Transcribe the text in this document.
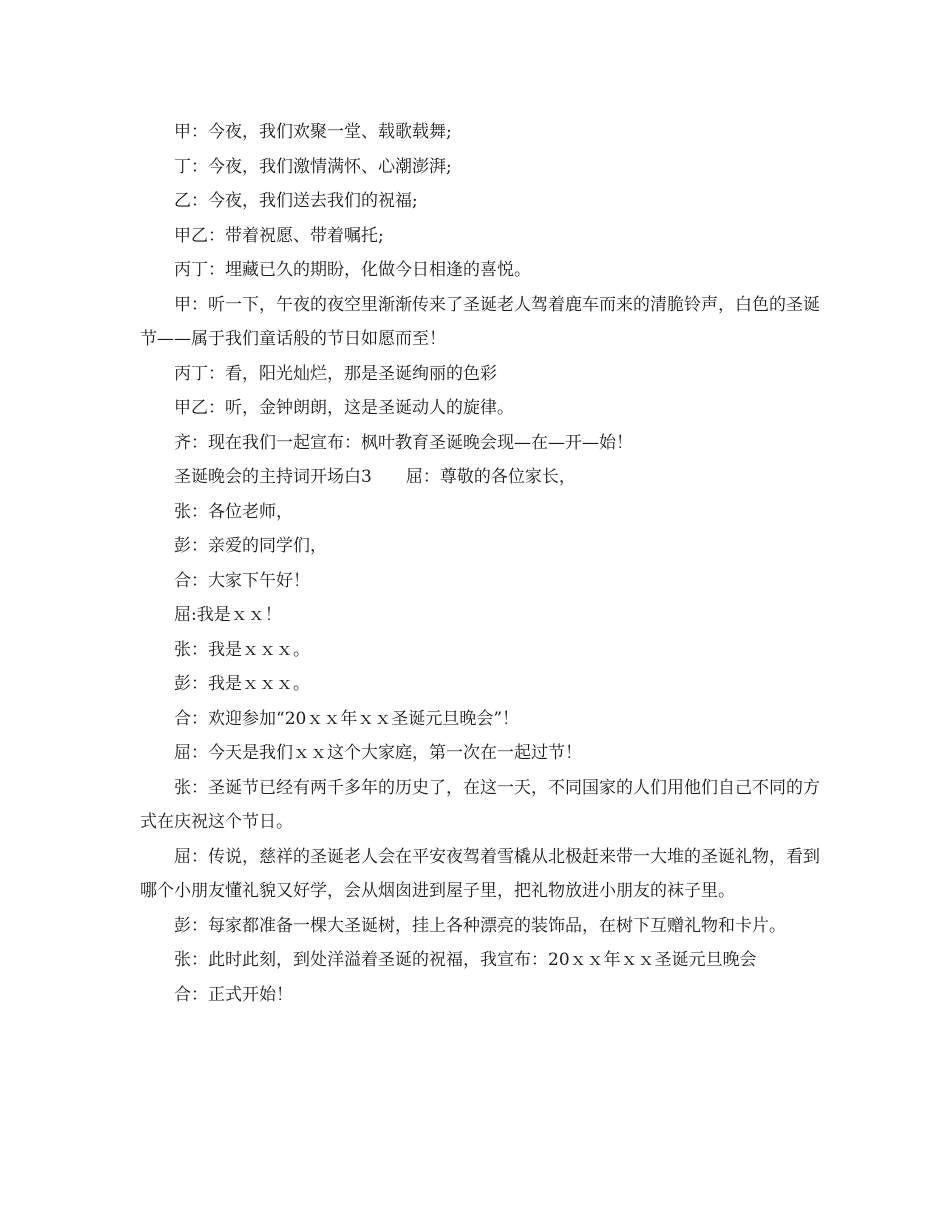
甲：今夜，我们欢聚一堂、载歌载舞;

丁：今夜，我们激情满怀、心潮澎湃;

乙：今夜，我们送去我们的祝福;

甲乙：带着祝愿、带着嘱托;

丙丁：埋藏已久的期盼，化做今日相逢的喜悦。

甲：听一下，午夜的夜空里渐渐传来了圣诞老人驾着鹿车而来的清脆铃声，白色的圣诞节——属于我们童话般的节日如愿而至！

丙丁：看，阳光灿烂，那是圣诞绚丽的色彩

甲乙：听，金钟朗朗，这是圣诞动人的旋律。

齐：现在我们一起宣布：枫叶教育圣诞晚会现—在—开—始！

圣诞晚会的主持词开场白3　　屈：尊敬的各位家长，

张：各位老师，

彭：亲爱的同学们，

合：大家下午好！

屈:我是ｘｘ！

张：我是ｘｘｘ。

彭：我是ｘｘｘ。

合：欢迎参加“20ｘｘ年ｘｘ圣诞元旦晚会”！

屈：今天是我们ｘｘ这个大家庭，第一次在一起过节！

张：圣诞节已经有两千多年的历史了，在这一天，不同国家的人们用他们自己不同的方式在庆祝这个节日。

屈：传说，慈祥的圣诞老人会在平安夜驾着雪橇从北极赶来带一大堆的圣诞礼物，看到哪个小朋友懂礼貌又好学，会从烟囱进到屋子里，把礼物放进小朋友的袜子里。

彭：每家都准备一棵大圣诞树，挂上各种漂亮的装饰品，在树下互赠礼物和卡片。

张：此时此刻，到处洋溢着圣诞的祝福，我宣布：20ｘｘ年ｘｘ圣诞元旦晚会

合：正式开始！
